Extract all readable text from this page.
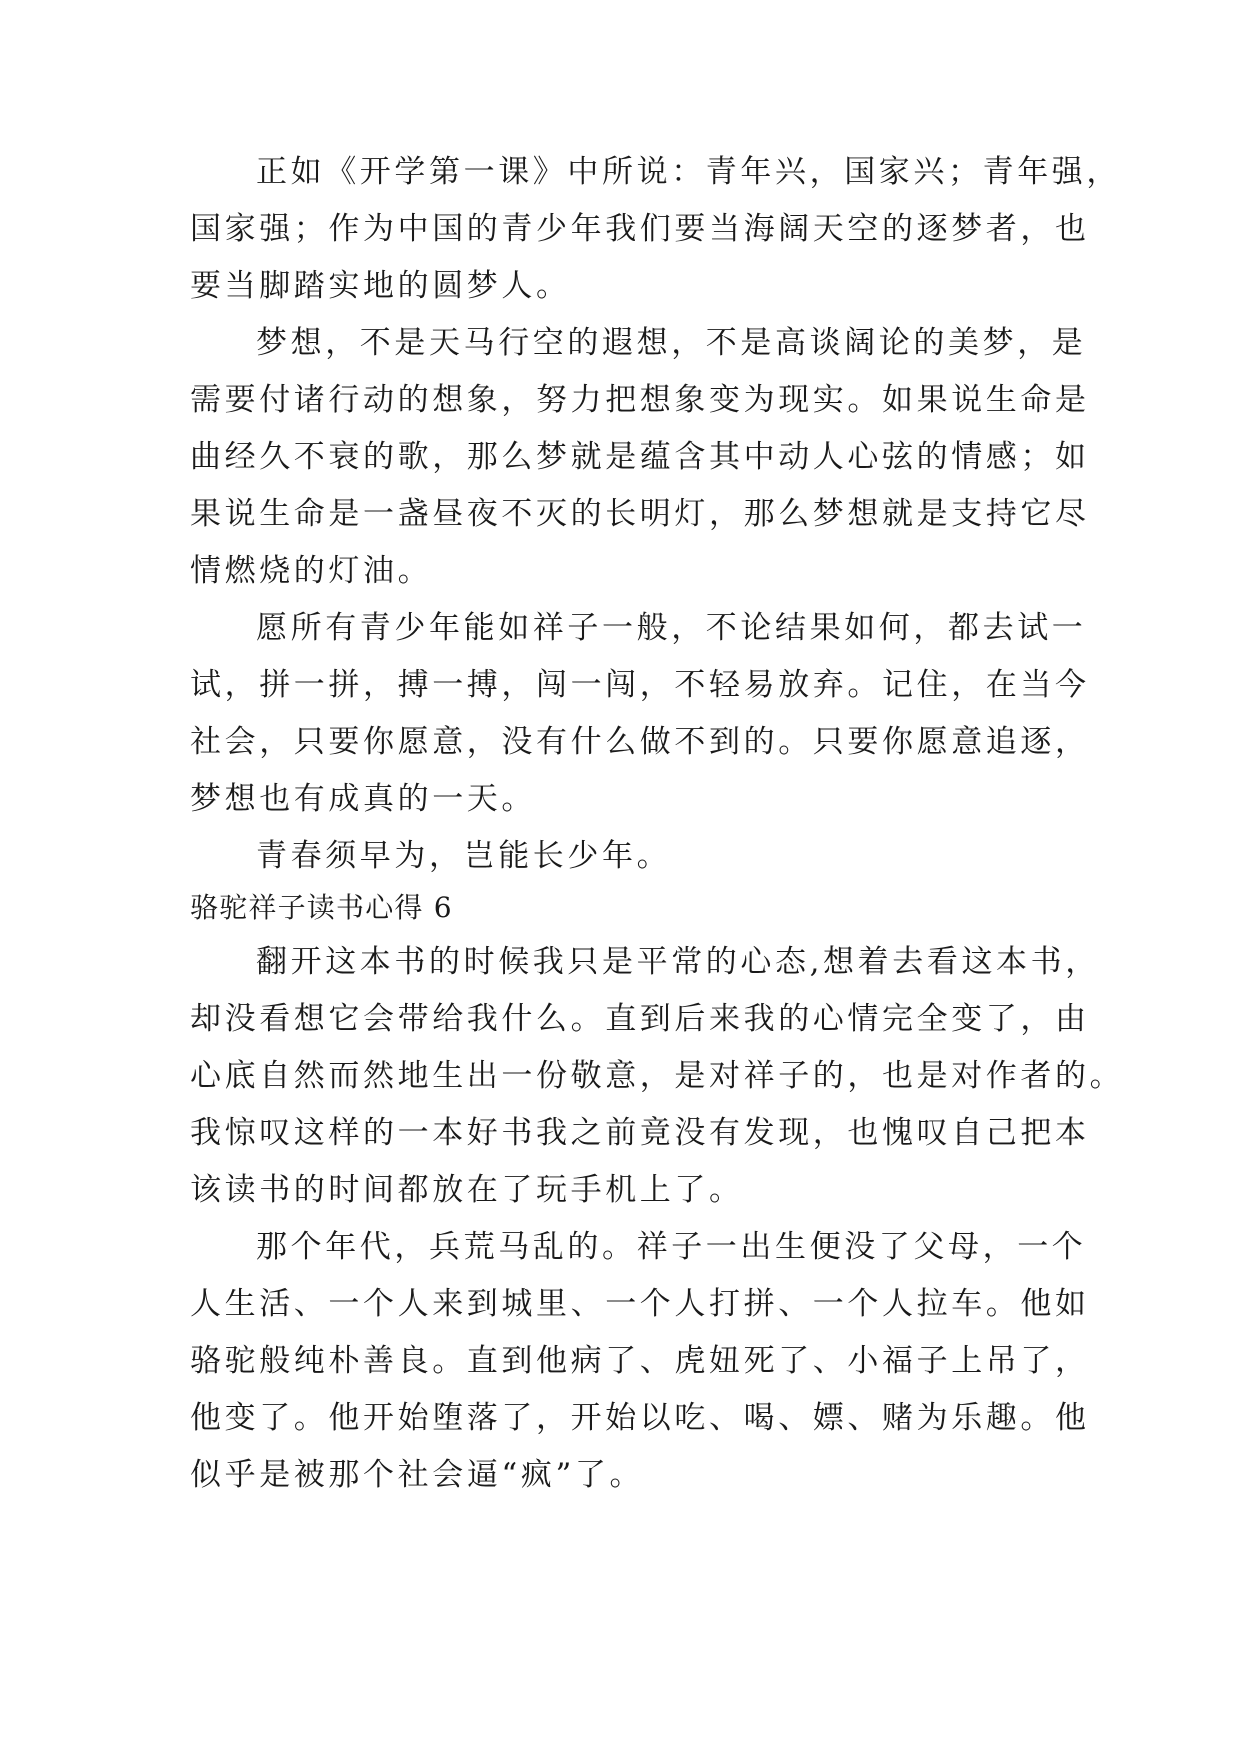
正如《开学第一课》中所说：青年兴，国家兴；青年强，
国家强；作为中国的青少年我们要当海阔天空的逐梦者，也
要当脚踏实地的圆梦人。
梦想，不是天马行空的遐想，不是高谈阔论的美梦，是
需要付诸行动的想象，努力把想象变为现实。如果说生命是
曲经久不衰的歌，那么梦就是蕴含其中动人心弦的情感；如
果说生命是一盏昼夜不灭的长明灯，那么梦想就是支持它尽
情燃烧的灯油。
愿所有青少年能如祥子一般，不论结果如何，都去试一
试，拼一拼，搏一搏，闯一闯，不轻易放弃。记住，在当今
社会，只要你愿意，没有什么做不到的。只要你愿意追逐，
梦想也有成真的一天。
青春须早为，岂能长少年。
骆驼祥子读书心得 6
翻开这本书的时候我只是平常的心态,想着去看这本书，
却没看想它会带给我什么。直到后来我的心情完全变了，由
心底自然而然地生出一份敬意，是对祥子的，也是对作者的。
我惊叹这样的一本好书我之前竟没有发现，也愧叹自己把本
该读书的时间都放在了玩手机上了。
那个年代，兵荒马乱的。祥子一出生便没了父母，一个
人生活、一个人来到城里、一个人打拼、一个人拉车。他如
骆驼般纯朴善良。直到他病了、虎妞死了、小福子上吊了，
他变了。他开始堕落了，开始以吃、喝、嫖、赌为乐趣。他
似乎是被那个社会逼“疯”了。
